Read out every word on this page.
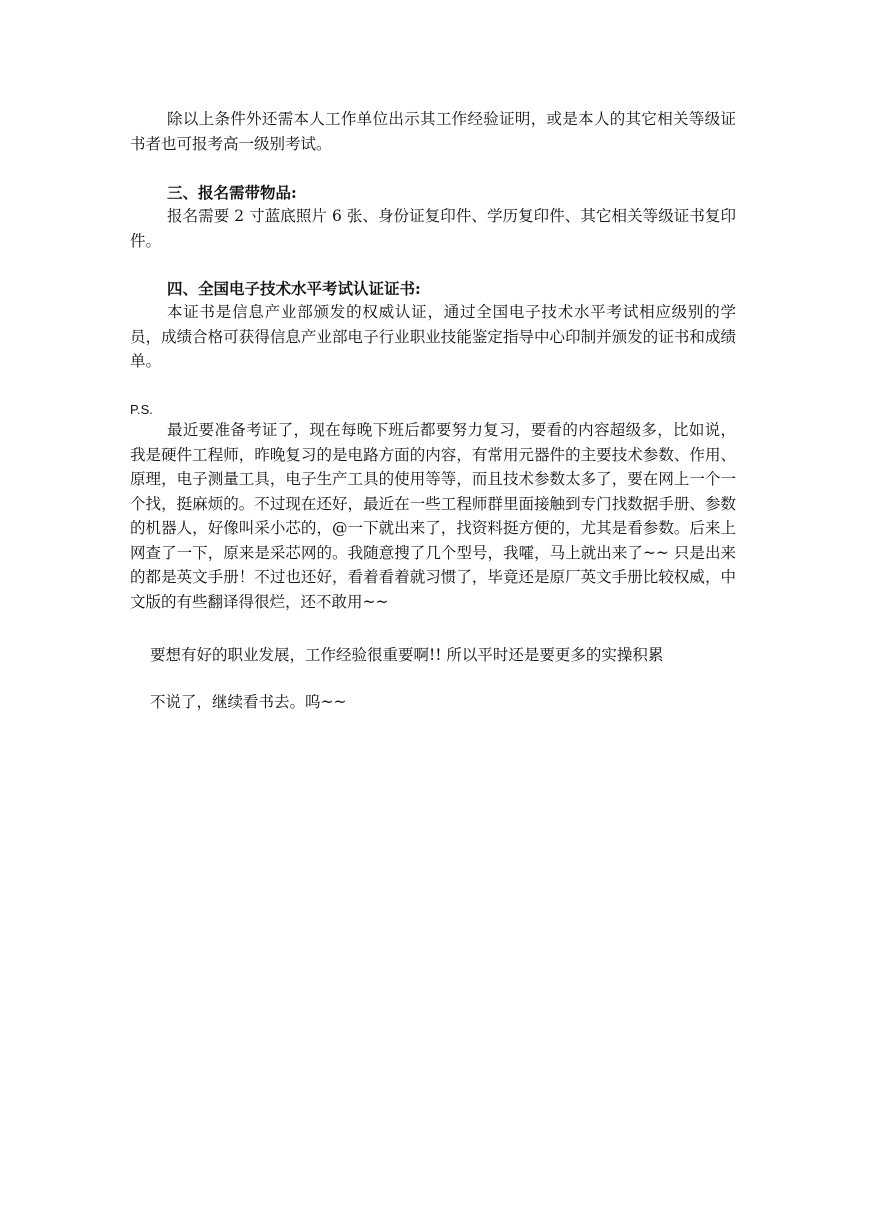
除以上条件外还需本人工作单位出示其工作经验证明，或是本人的其它相关等级证书者也可报考高一级别考试。

三、报名需带物品:

报名需要 2 寸蓝底照片 6 张、身份证复印件、学历复印件、其它相关等级证书复印件。

四、全国电子技术水平考试认证证书:

本证书是信息产业部颁发的权威认证，通过全国电子技术水平考试相应级别的学员，成绩合格可获得信息产业部电子行业职业技能鉴定指导中心印制并颁发的证书和成绩单。

P.S.

最近要准备考证了，现在每晚下班后都要努力复习，要看的内容超级多，比如说，我是硬件工程师，昨晚复习的是电路方面的内容，有常用元器件的主要技术参数、作用、原理，电子测量工具，电子生产工具的使用等等，而且技术参数太多了，要在网上一个一个找，挺麻烦的。不过现在还好，最近在一些工程师群里面接触到专门找数据手册、参数的机器人，好像叫采小芯的，@一下就出来了，找资料挺方便的，尤其是看参数。后来上网查了一下，原来是采芯网的。我随意搜了几个型号，我嚯，马上就出来了~~ 只是出来的都是英文手册！不过也还好，看着看着就习惯了，毕竟还是原厂英文手册比较权威，中文版的有些翻译得很烂，还不敢用~~

要想有好的职业发展，工作经验很重要啊!! 所以平时还是要更多的实操积累

不说了，继续看书去。呜~~
